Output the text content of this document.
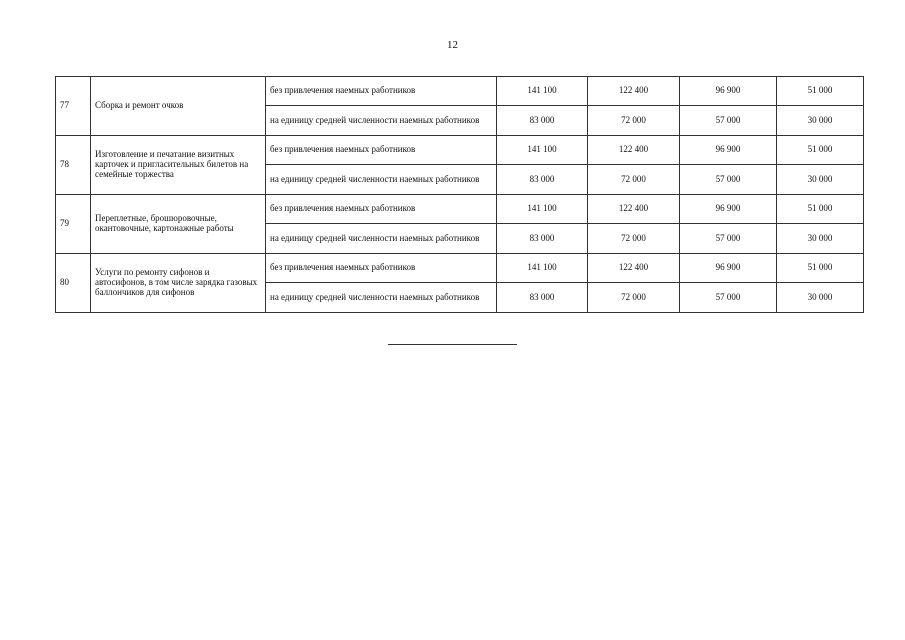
12
77	Сборка и ремонт очков	без привлечения наемных работников	141 100	122 400	96 900	51 000
		на единицу средней численности наемных работников	83 000	72 000	57 000	30 000
78	Изготовление и печатание визитных карточек и пригласительных билетов на семейные торжества	без привлечения наемных работников	141 100	122 400	96 900	51 000
		на единицу средней численности наемных работников	83 000	72 000	57 000	30 000
79	Переплетные, брошюровочные, окантовочные, картонажные работы	без привлечения наемных работников	141 100	122 400	96 900	51 000
		на единицу средней численности наемных работников	83 000	72 000	57 000	30 000
80	Услуги по ремонту сифонов и автосифонов, в том числе зарядка газовых баллончиков для сифонов	без привлечения наемных работников	141 100	122 400	96 900	51 000
		на единицу средней численности наемных работников	83 000	72 000	57 000	30 000
